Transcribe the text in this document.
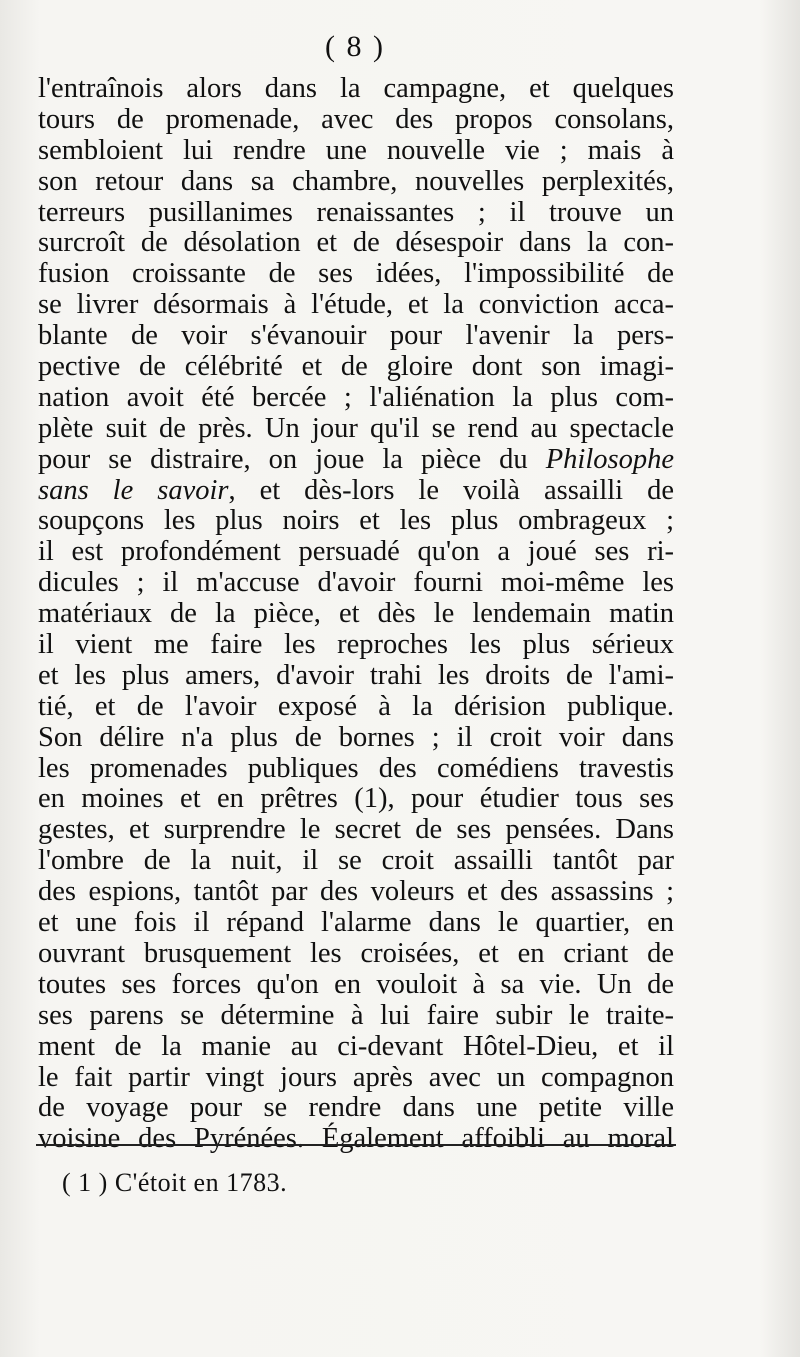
( 8 )
l'entraînois alors dans la campagne, et quelques
tours de promenade, avec des propos consolans,
sembloient lui rendre une nouvelle vie ; mais à
son retour dans sa chambre, nouvelles perplexités,
terreurs pusillanimes renaissantes ; il trouve un
surcroît de désolation et de désespoir dans la con-
fusion croissante de ses idées, l'impossibilité de
se livrer désormais à l'étude, et la conviction acca-
blante de voir s'évanouir pour l'avenir la pers-
pective de célébrité et de gloire dont son imagi-
nation avoit été bercée ; l'aliénation la plus com-
plète suit de près. Un jour qu'il se rend au spectacle
pour se distraire, on joue la pièce du Philosophe
sans le savoir, et dès-lors le voilà assailli de
soupçons les plus noirs et les plus ombrageux ;
il est profondément persuadé qu'on a joué ses ri-
dicules ; il m'accuse d'avoir fourni moi-même les
matériaux de la pièce, et dès le lendemain matin
il vient me faire les reproches les plus sérieux
et les plus amers, d'avoir trahi les droits de l'ami-
tié, et de l'avoir exposé à la dérision publique.
Son délire n'a plus de bornes ; il croit voir dans
les promenades publiques des comédiens travestis
en moines et en prêtres (1), pour étudier tous ses
gestes, et surprendre le secret de ses pensées. Dans
l'ombre de la nuit, il se croit assailli tantôt par
des espions, tantôt par des voleurs et des assassins ;
et une fois il répand l'alarme dans le quartier, en
ouvrant brusquement les croisées, et en criant de
toutes ses forces qu'on en vouloit à sa vie. Un de
ses parens se détermine à lui faire subir le traite-
ment de la manie au ci-devant Hôtel-Dieu, et il
le fait partir vingt jours après avec un compagnon
de voyage pour se rendre dans une petite ville
voisine des Pyrénées. Également affoibli au moral
( 1 ) C'étoit en 1783.
